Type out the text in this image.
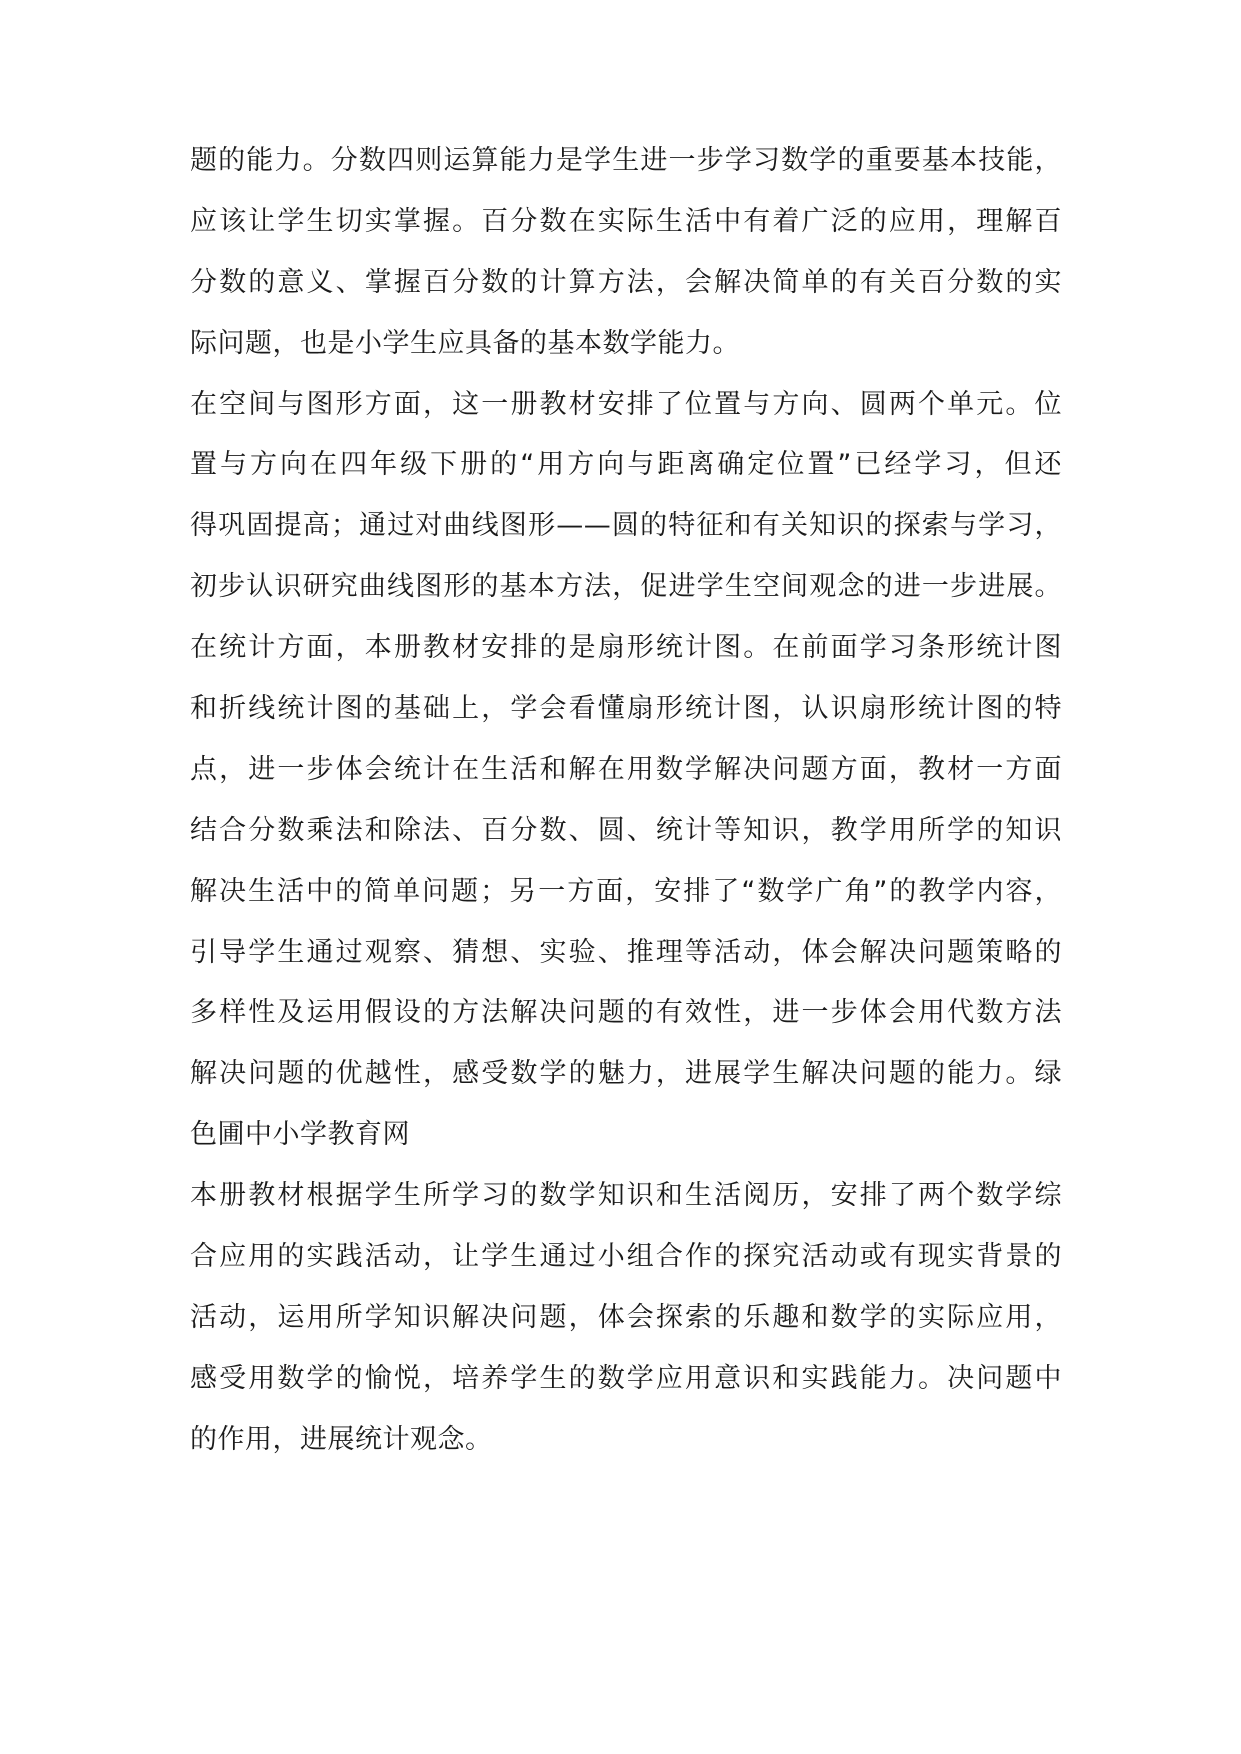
题的能力。分数四则运算能力是学生进一步学习数学的重要基本技能，
应该让学生切实掌握。百分数在实际生活中有着广泛的应用，理解百
分数的意义、掌握百分数的计算方法，会解决简单的有关百分数的实
际问题，也是小学生应具备的基本数学能力。
在空间与图形方面，这一册教材安排了位置与方向、圆两个单元。位
置与方向在四年级下册的“用方向与距离确定位置”已经学习，但还
得巩固提高；通过对曲线图形——圆的特征和有关知识的探索与学习，
初步认识研究曲线图形的基本方法，促进学生空间观念的进一步进展。
在统计方面，本册教材安排的是扇形统计图。在前面学习条形统计图
和折线统计图的基础上，学会看懂扇形统计图，认识扇形统计图的特
点，进一步体会统计在生活和解在用数学解决问题方面，教材一方面
结合分数乘法和除法、百分数、圆、统计等知识，教学用所学的知识
解决生活中的简单问题；另一方面，安排了“数学广角”的教学内容，
引导学生通过观察、猜想、实验、推理等活动，体会解决问题策略的
多样性及运用假设的方法解决问题的有效性，进一步体会用代数方法
解决问题的优越性，感受数学的魅力，进展学生解决问题的能力。绿
色圃中小学教育网
本册教材根据学生所学习的数学知识和生活阅历，安排了两个数学综
合应用的实践活动，让学生通过小组合作的探究活动或有现实背景的
活动，运用所学知识解决问题，体会探索的乐趣和数学的实际应用，
感受用数学的愉悦，培养学生的数学应用意识和实践能力。决问题中
的作用，进展统计观念。
